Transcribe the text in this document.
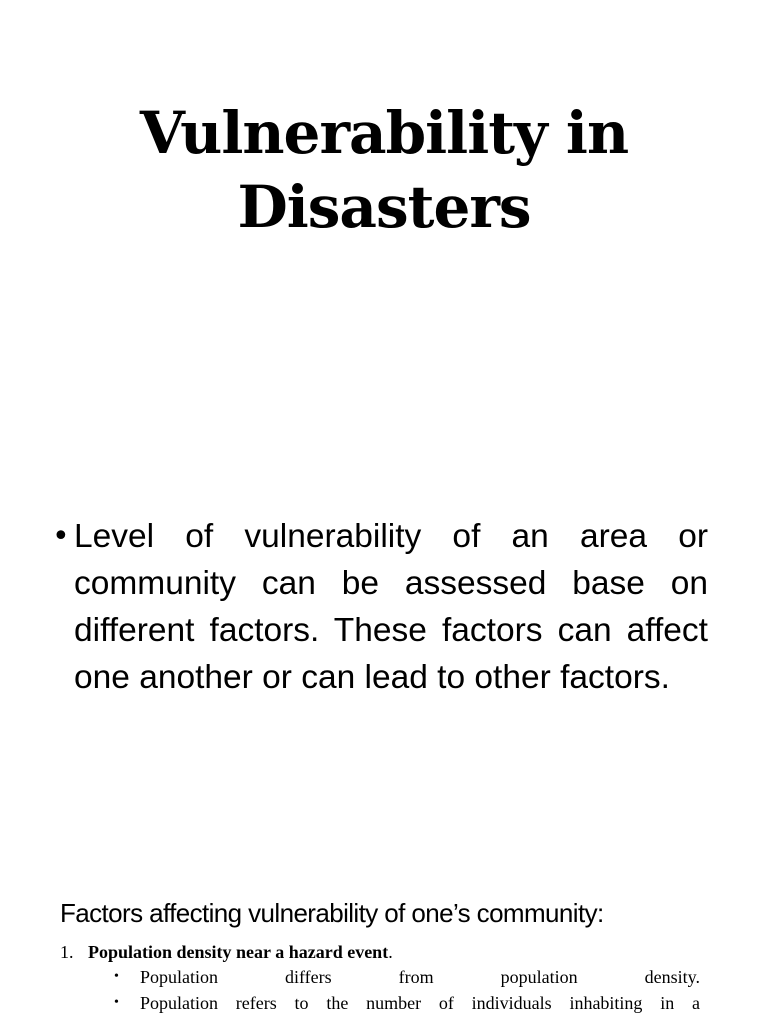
Vulnerability in
Disasters
• Level of vulnerability of an area or community can be assessed base on different factors. These factors can affect one another or can lead to other factors.

Factors affecting vulnerability of one’s community:
1. Population density near a hazard event.
•	Population differs from population density.
•	Population refers to the number of individuals inhabiting in a
